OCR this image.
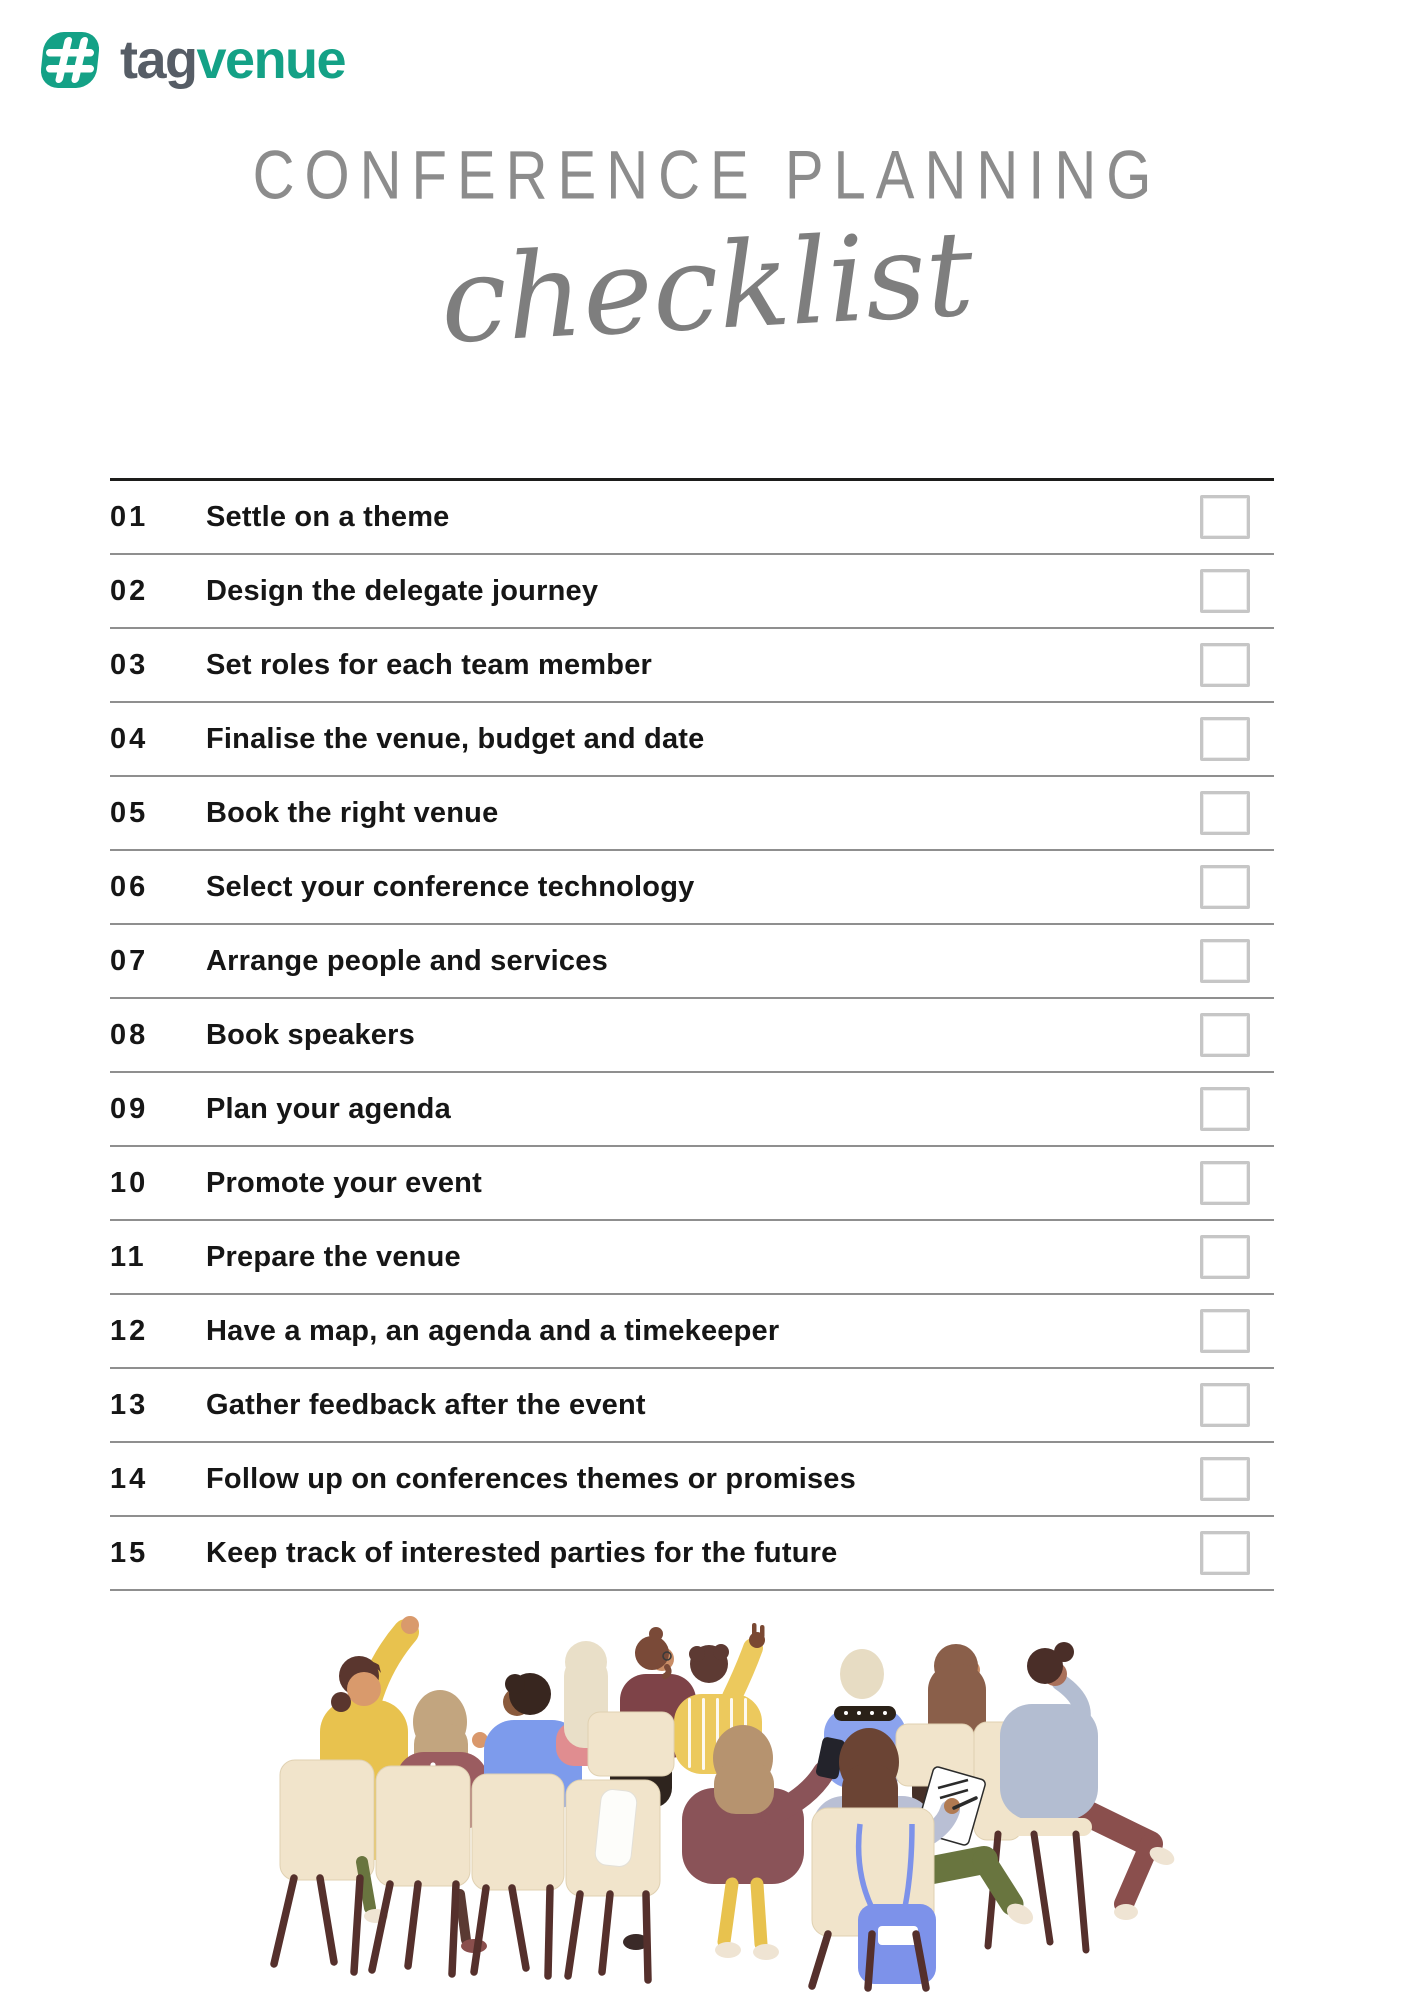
tagvenue
CONFERENCE PLANNING
checklist
01	Settle on a theme
02	Design the delegate journey
03	Set roles for each team member
04	Finalise the venue, budget and date
05	Book the right venue
06	Select your conference technology
07	Arrange people and services
08	Book speakers
09	Plan your agenda
10	Promote your event
11	Prepare the venue
12	Have a map, an agenda and a timekeeper
13	Gather feedback after the event
14	Follow up on conferences themes or promises
15	Keep track of interested parties for the future
